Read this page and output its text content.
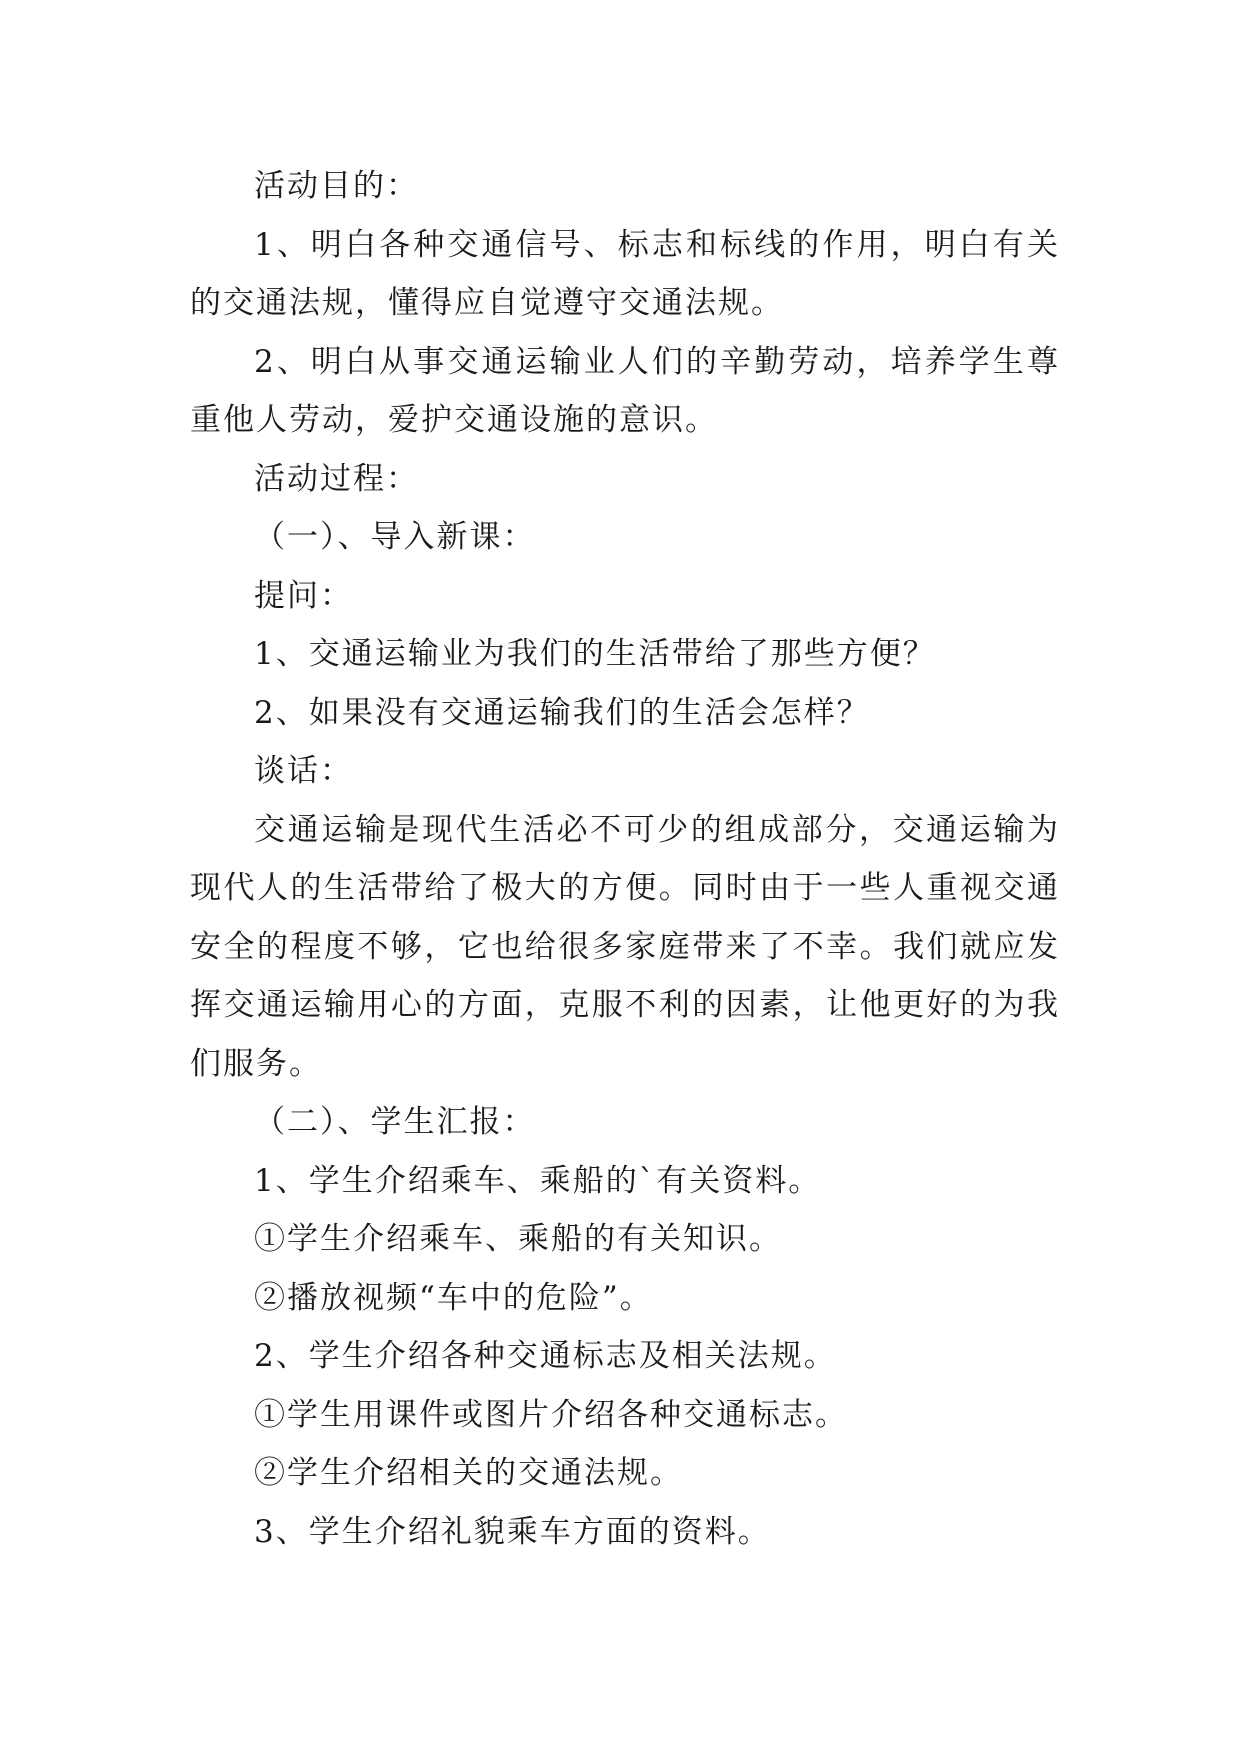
活动目的：

1、明白各种交通信号、标志和标线的作用，明白有关的交通法规，懂得应自觉遵守交通法规。

2、明白从事交通运输业人们的辛勤劳动，培养学生尊重他人劳动，爱护交通设施的意识。

活动过程：

（一）、导入新课：

提问：

1、交通运输业为我们的生活带给了那些方便？

2、如果没有交通运输我们的生活会怎样？

谈话：

交通运输是现代生活必不可少的组成部分，交通运输为现代人的生活带给了极大的方便。同时由于一些人重视交通安全的程度不够，它也给很多家庭带来了不幸。我们就应发挥交通运输用心的方面，克服不利的因素，让他更好的为我们服务。

（二）、学生汇报：

1、学生介绍乘车、乘船的`有关资料。

①学生介绍乘车、乘船的有关知识。

②播放视频“车中的危险”。

2、学生介绍各种交通标志及相关法规。

①学生用课件或图片介绍各种交通标志。

②学生介绍相关的交通法规。

3、学生介绍礼貌乘车方面的资料。
